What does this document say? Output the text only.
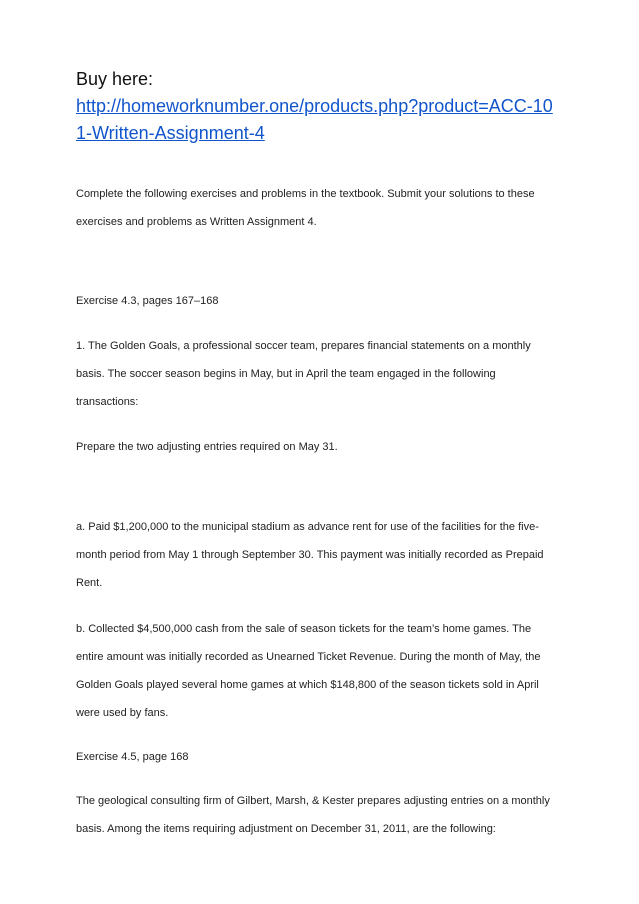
Buy here:

http://homeworknumber.one/products.php?product=ACC-101-Written-Assignment-4

Complete the following exercises and problems in the textbook. Submit your solutions to these exercises and problems as Written Assignment 4.

Exercise 4.3, pages 167–168

1. The Golden Goals, a professional soccer team, prepares financial statements on a monthly basis. The soccer season begins in May, but in April the team engaged in the following transactions:

Prepare the two adjusting entries required on May 31.

a. Paid $1,200,000 to the municipal stadium as advance rent for use of the facilities for the five-month period from May 1 through September 30. This payment was initially recorded as Prepaid Rent.

b. Collected $4,500,000 cash from the sale of season tickets for the team’s home games. The entire amount was initially recorded as Unearned Ticket Revenue. During the month of May, the Golden Goals played several home games at which $148,800 of the season tickets sold in April were used by fans.

Exercise 4.5, page 168

The geological consulting firm of Gilbert, Marsh, & Kester prepares adjusting entries on a monthly basis. Among the items requiring adjustment on December 31, 2011, are the following:
